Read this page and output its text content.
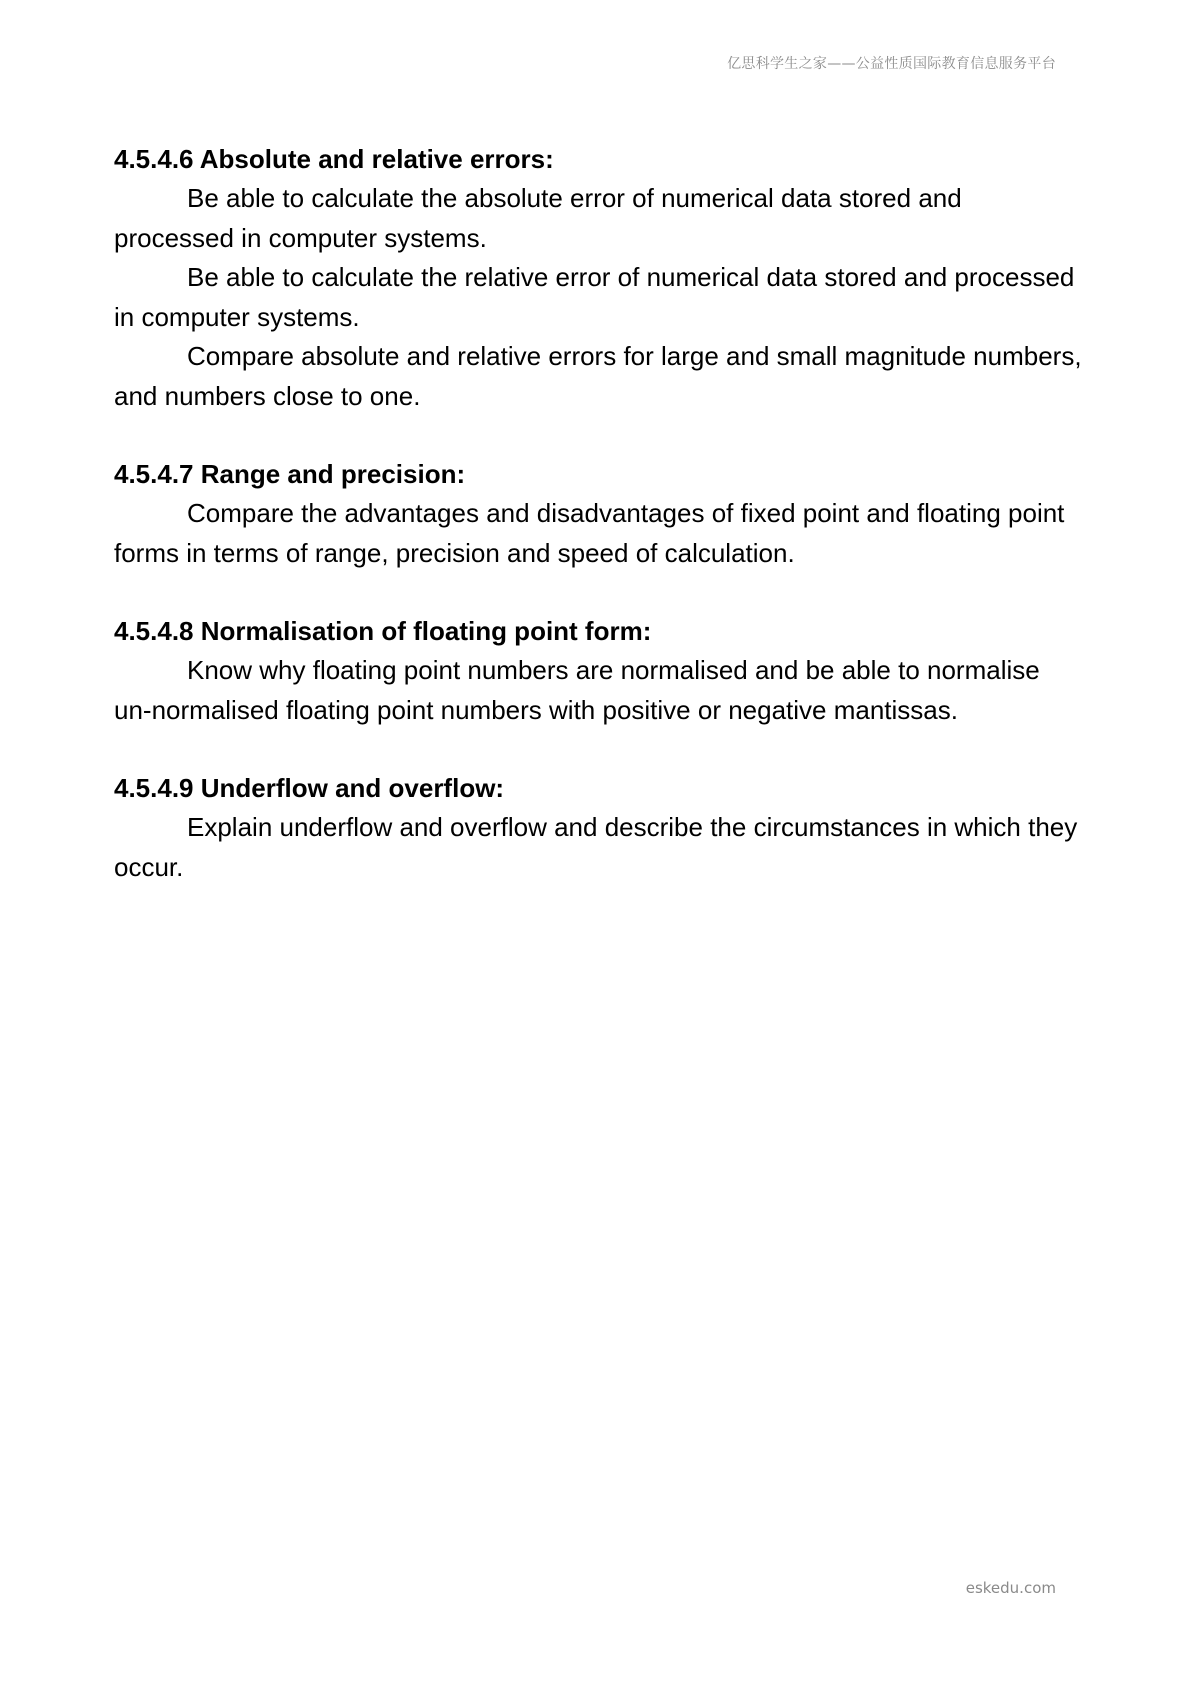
亿思科学生之家——公益性质国际教育信息服务平台
4.5.4.6 Absolute and relative errors:

Be able to calculate the absolute error of numerical data stored and processed in computer systems.

Be able to calculate the relative error of numerical data stored and processed in computer systems.

Compare absolute and relative errors for large and small magnitude numbers, and numbers close to one.

4.5.4.7 Range and precision:

Compare the advantages and disadvantages of fixed point and floating point forms in terms of range, precision and speed of calculation.

4.5.4.8 Normalisation of floating point form:

Know why floating point numbers are normalised and be able to normalise un-normalised floating point numbers with positive or negative mantissas.

4.5.4.9 Underflow and overflow:

Explain underflow and overflow and describe the circumstances in which they occur.

eskedu.com
